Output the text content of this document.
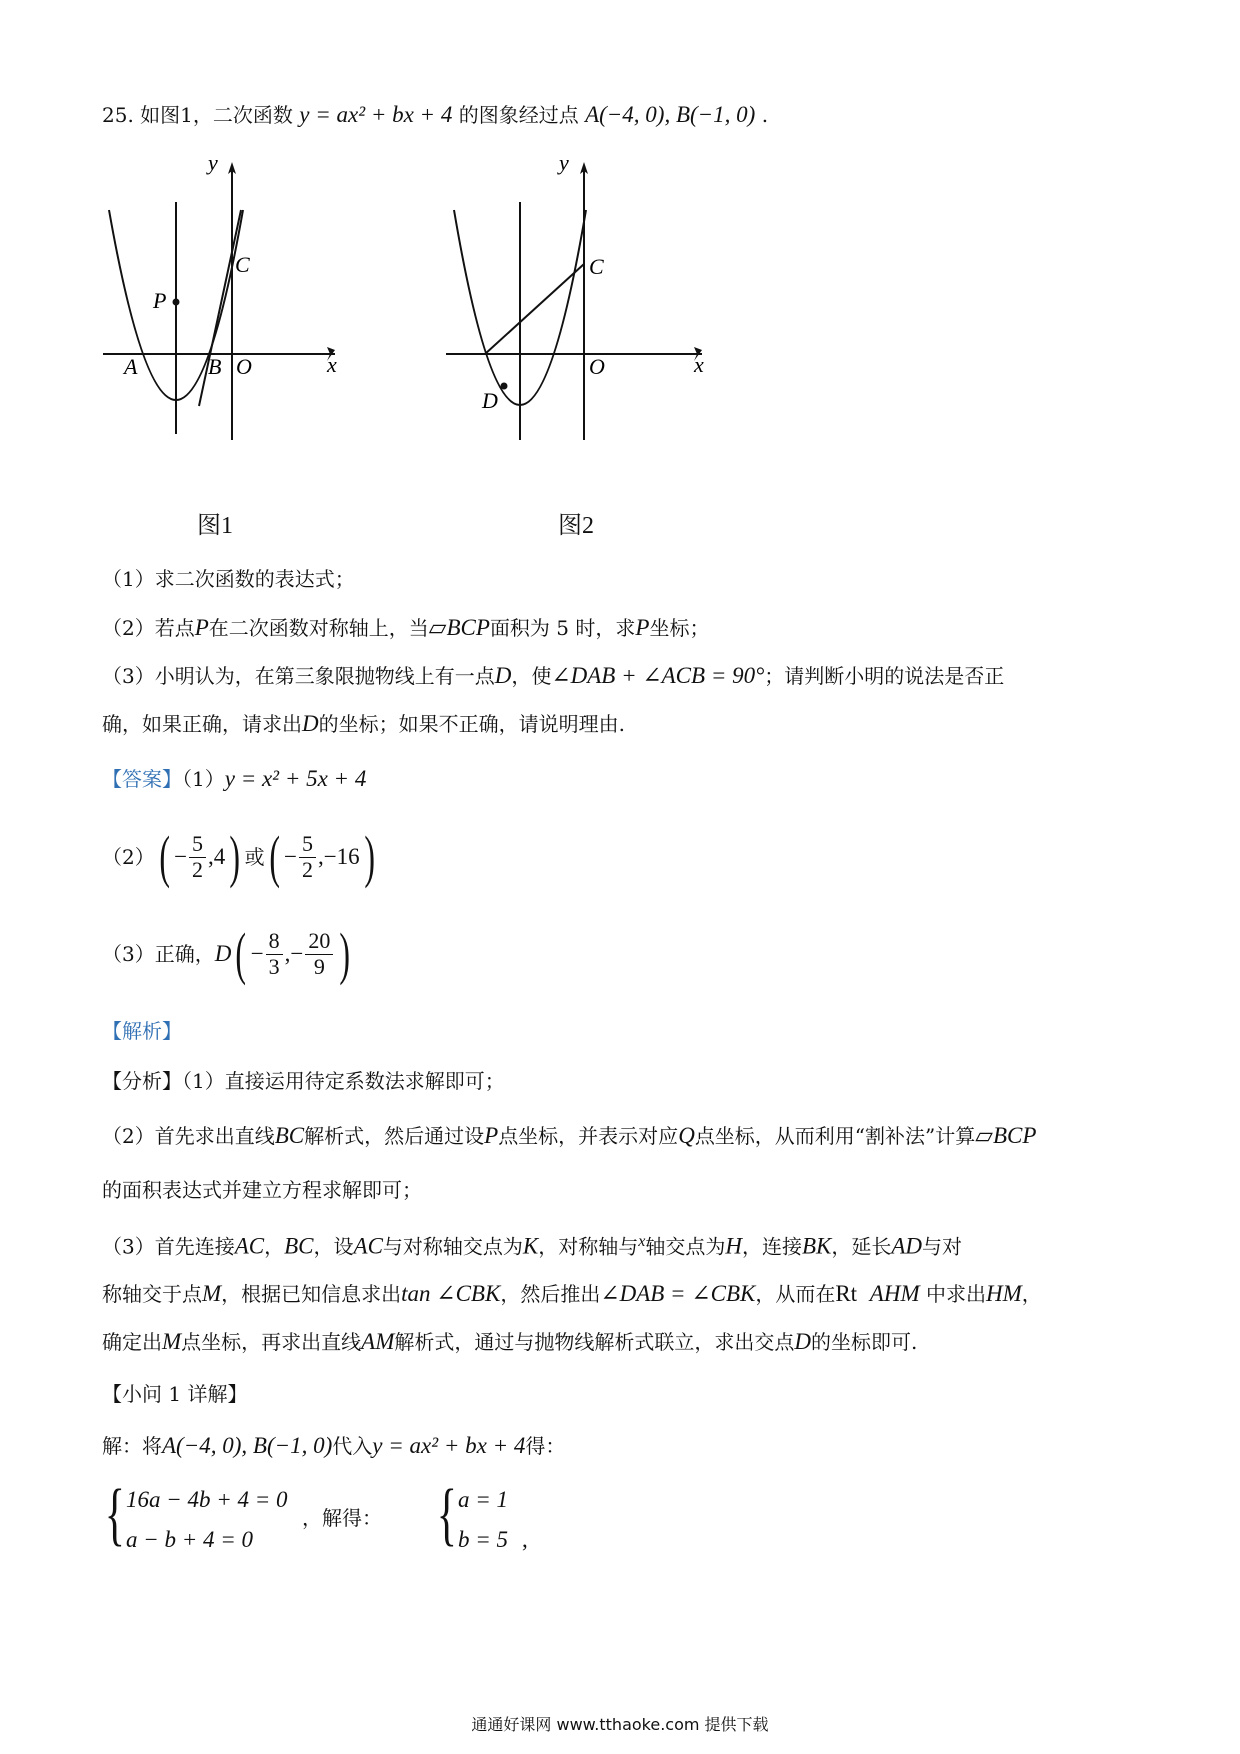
25. 如图1，二次函数 y = ax² + bx + 4 的图象经过点 A(−4, 0), B(−1, 0) .
y
x
C
P
A	B O
图1
y
x
C
O
D
图2
（1）求二次函数的表达式；
（2）若点P在二次函数对称轴上，当▱BCP面积为 5 时，求P坐标；
（3）小明认为，在第三象限抛物线上有一点D，使∠DAB + ∠ACB = 90°；请判断小明的说法是否正
确，如果正确，请求出D的坐标；如果不正确，请说明理由.
【答案】（1）y = x² + 5x + 4
$(2)( - \frac{5}{2} ,4)$ 或( − $\frac{5}{2} ,-16$)
（3）正确，$D( - \frac{8}{3}$ ,− $\frac{20}{9}$ )
【解析】
【分析】（1）直接运用待定系数法求解即可；
（2）首先求出直线BC解析式，然后通过设P点坐标，并表示对应Q点坐标，从而利用“割补法”计算▱BCP
的面积表达式并建立方程求解即可；
（3）首先连接AC，BC，设AC与对称轴交点为K，对称轴与$^x$轴交点为H，连接BK，延长AD与对
称轴交于点M，根据已知信息求出tan ∠CBK，然后推出∠DAB = ∠CBK，从而在Rt AHM 中求出HM，
确定出M点坐标，再求出直线AM解析式，通过与抛物线解析式联立，求出交点D的坐标即可.
【小问 1 详解】
解：将A(−4, 0), B(−1, 0)代入y = ax² + bx + 4得：
{ 16a − 4b + 4 = 0
a − b + 4 = 0
，解得： { a = 1
b = 5 ,
通通好课网 www.tthaoke.com 提供下载
